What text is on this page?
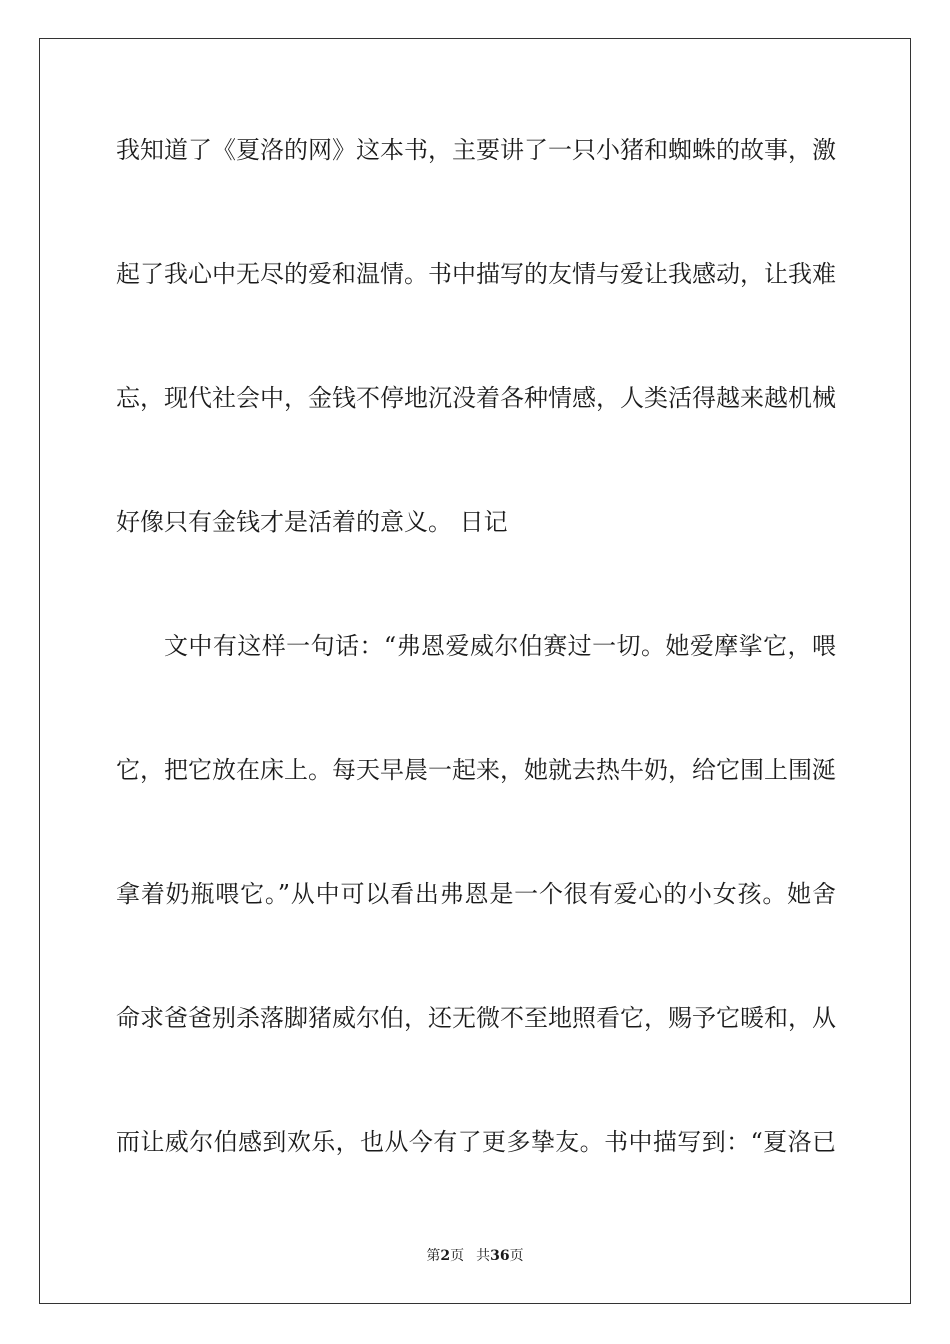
我知道了《夏洛的网》这本书，主要讲了一只小猪和蜘蛛的故事，激
起了我心中无尽的爱和温情。书中描写的友情与爱让我感动，让我难
忘，现代社会中，金钱不停地沉没着各种情感，人类活得越来越机械
好像只有金钱才是活着的意义。 日记
文中有这样一句话：“弗恩爱威尔伯赛过一切。她爱摩挲它，喂
它，把它放在床上。每天早晨一起来，她就去热牛奶，给它围上围涎
拿着奶瓶喂它。”从中可以看出弗恩是一个很有爱心的小女孩。她舍
命求爸爸别杀落脚猪威尔伯，还无微不至地照看它，赐予它暖和，从
而让威尔伯感到欢乐，也从今有了更多挚友。书中描写到：“夏洛已
第2页 共36页
